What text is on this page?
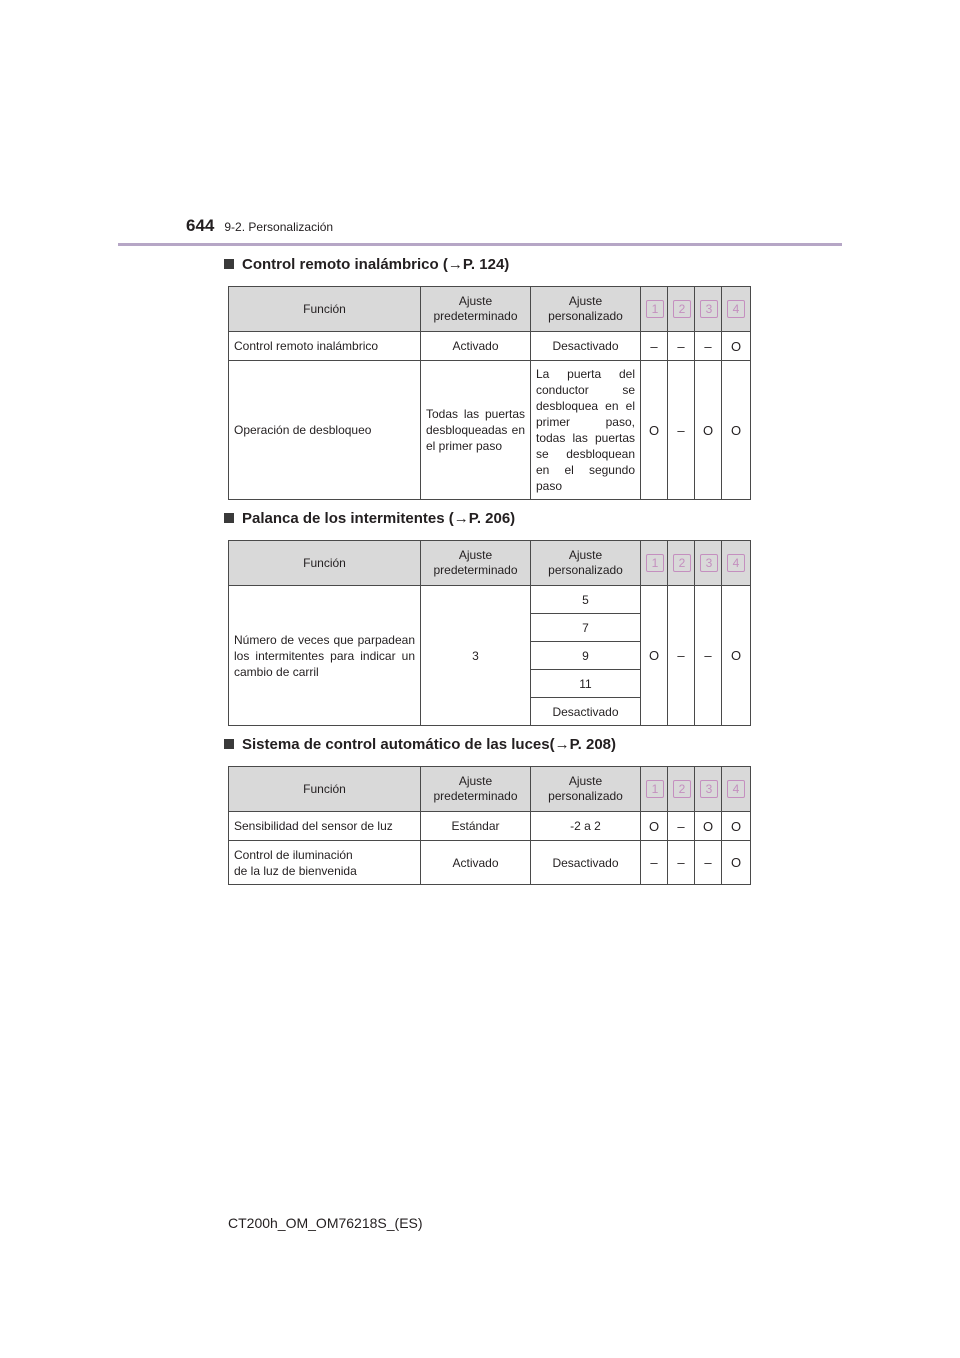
644 9-2. Personalización
Control remoto inalámbrico (→P. 124)
Función	Ajuste predeterminado	Ajuste personalizado	1	2	3	4
Control remoto inalámbrico	Activado	Desactivado	–	–	–	O
Operación de desbloqueo	Todas las puertas desbloqueadas en el primer paso	La puerta del conductor se desbloquea en el primer paso, todas las puertas se desbloquean en el segundo paso	O	–	O	O
Palanca de los intermitentes (→P. 206)
Función	Ajuste predeterminado	Ajuste personalizado	1	2	3	4
Número de veces que parpadean los intermitentes para indicar un cambio de carril	3	5	O	–	–	O
		7				
		9				
		11				
		Desactivado				
Sistema de control automático de las luces(→P. 208)
Función	Ajuste predeterminado	Ajuste personalizado	1	2	3	4
Sensibilidad del sensor de luz	Estándar	-2 a 2	O	–	O	O
Control de iluminación
de la luz de bienvenida	Activado	Desactivado	–	–	–	O
CT200h_OM_OM76218S_(ES)
